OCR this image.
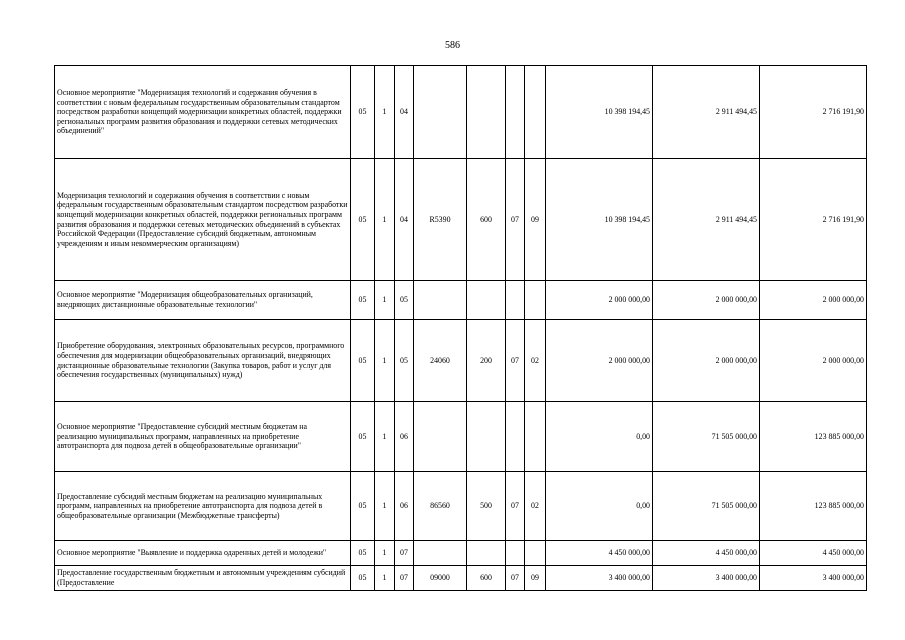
586
Основное мероприятие "Модернизация технологий и содержания обучения в соответствии с новым федеральным государственным образовательным стандартом посредством разработки концепций модернизации конкретных областей, поддержки региональных программ развития образования и поддержки сетевых методических объединений"	05	1	04					10 398 194,45	2 911 494,45	2 716 191,90
Модернизация технологий и содержания обучения в соответствии с новым федеральным государственным образовательным стандартом посредством разработки концепций модернизации конкретных областей, поддержки региональных программ развития образования и поддержки сетевых методических объединений в субъектах Российской Федерации (Предоставление субсидий бюджетным, автономным учреждениям и иным некоммерческим организациям)	05	1	04	R5390	600	07	09	10 398 194,45	2 911 494,45	2 716 191,90
Основное мероприятие "Модернизация общеобразовательных организаций, внедряющих дистанционные образовательные технологии"	05	1	05					2 000 000,00	2 000 000,00	2 000 000,00
Приобретение оборудования, электронных образовательных ресурсов, программного обеспечения для модернизации общеобразовательных организаций, внедряющих дистанционные образовательные технологии (Закупка товаров, работ и услуг для обеспечения государственных (муниципальных) нужд)	05	1	05	24060	200	07	02	2 000 000,00	2 000 000,00	2 000 000,00
Основное мероприятие "Предоставление субсидий местным бюджетам на реализацию муниципальных программ, направленных на приобретение автотранспорта для подвоза детей в общеобразовательные организации"	05	1	06					0,00	71 505 000,00	123 885 000,00
Предоставление субсидий местным бюджетам на реализацию муниципальных программ, направленных на приобретение автотранспорта для подвоза детей в общеобразовательные организации (Межбюджетные трансферты)	05	1	06	86560	500	07	02	0,00	71 505 000,00	123 885 000,00
Основное мероприятие "Выявление и поддержка одаренных детей и молодежи"	05	1	07					4 450 000,00	4 450 000,00	4 450 000,00
Предоставление государственным бюджетным и автономным учреждениям субсидий (Предоставление	05	1	07	09000	600	07	09	3 400 000,00	3 400 000,00	3 400 000,00
